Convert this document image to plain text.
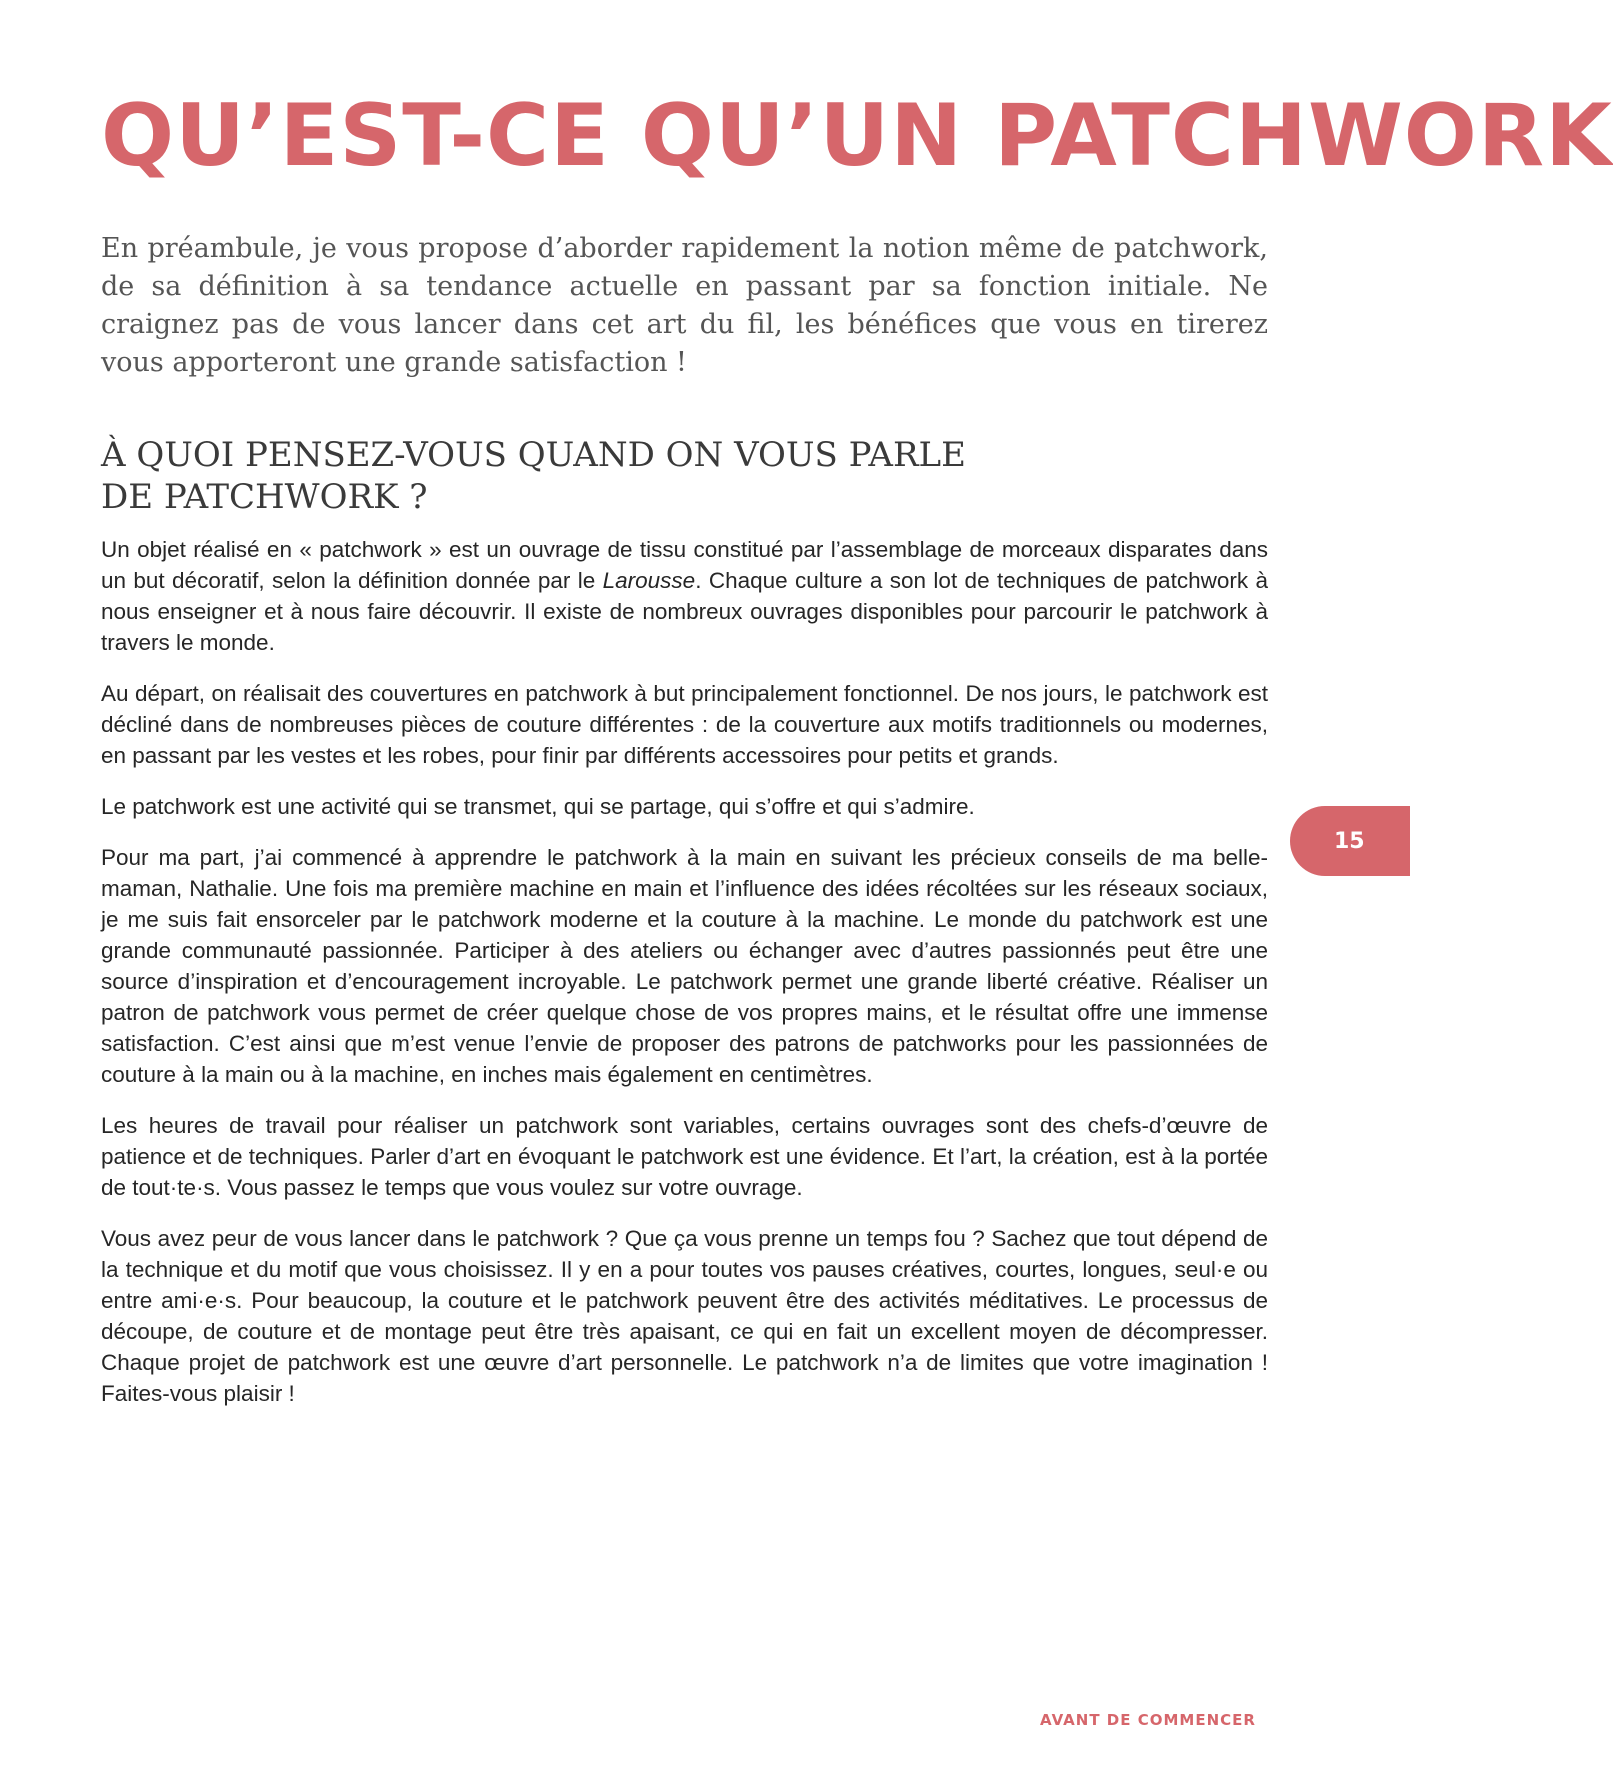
QU’EST-CE QU’UN PATCHWORK

En préambule, je vous propose d’aborder rapidement la notion même de patchwork, de sa définition à sa tendance actuelle en passant par sa fonction initiale. Ne craignez pas de vous lancer dans cet art du fil, les bénéfices que vous en tirerez vous apporteront une grande satisfaction !

À QUOI PENSEZ-VOUS QUAND ON VOUS PARLE
DE PATCHWORK ?

Un objet réalisé en « patchwork » est un ouvrage de tissu constitué par l’assemblage de morceaux disparates dans un but décoratif, selon la définition donnée par le Larousse. Chaque culture a son lot de techniques de patchwork à nous enseigner et à nous faire découvrir. Il existe de nombreux ouvrages disponibles pour parcourir le patchwork à travers le monde.

Au départ, on réalisait des couvertures en patchwork à but principalement fonctionnel. De nos jours, le patchwork est décliné dans de nombreuses pièces de couture différentes : de la couverture aux motifs traditionnels ou modernes, en passant par les vestes et les robes, pour finir par différents accessoires pour petits et grands.

Le patchwork est une activité qui se transmet, qui se partage, qui s’offre et qui s’admire.

Pour ma part, j’ai commencé à apprendre le patchwork à la main en suivant les précieux conseils de ma belle-maman, Nathalie. Une fois ma première machine en main et l’influence des idées récoltées sur les réseaux sociaux, je me suis fait ensorceler par le patchwork moderne et la couture à la machine. Le monde du patchwork est une grande communauté passionnée. Participer à des ateliers ou échanger avec d’autres passionnés peut être une source d’inspiration et d’encouragement incroyable. Le patchwork permet une grande liberté créative. Réaliser un patron de patchwork vous permet de créer quelque chose de vos propres mains, et le résultat offre une immense satisfaction. C’est ainsi que m’est venue l’envie de proposer des patrons de patchworks pour les passionnées de couture à la main ou à la machine, en inches mais également en centimètres.

Les heures de travail pour réaliser un patchwork sont variables, certains ouvrages sont des chefs-d’œuvre de patience et de techniques. Parler d’art en évoquant le patchwork est une évidence. Et l’art, la création, est à la portée de tout·te·s. Vous passez le temps que vous voulez sur votre ouvrage.

Vous avez peur de vous lancer dans le patchwork ? Que ça vous prenne un temps fou ? Sachez que tout dépend de la technique et du motif que vous choisissez. Il y en a pour toutes vos pauses créatives, courtes, longues, seul·e ou entre ami·e·s. Pour beaucoup, la couture et le patchwork peuvent être des activités méditatives. Le processus de découpe, de couture et de montage peut être très apaisant, ce qui en fait un excellent moyen de décompresser. Chaque projet de patchwork est une œuvre d’art personnelle. Le patchwork n’a de limites que votre imagination ! Faites-vous plaisir !

15
AVANT DE COMMENCER
